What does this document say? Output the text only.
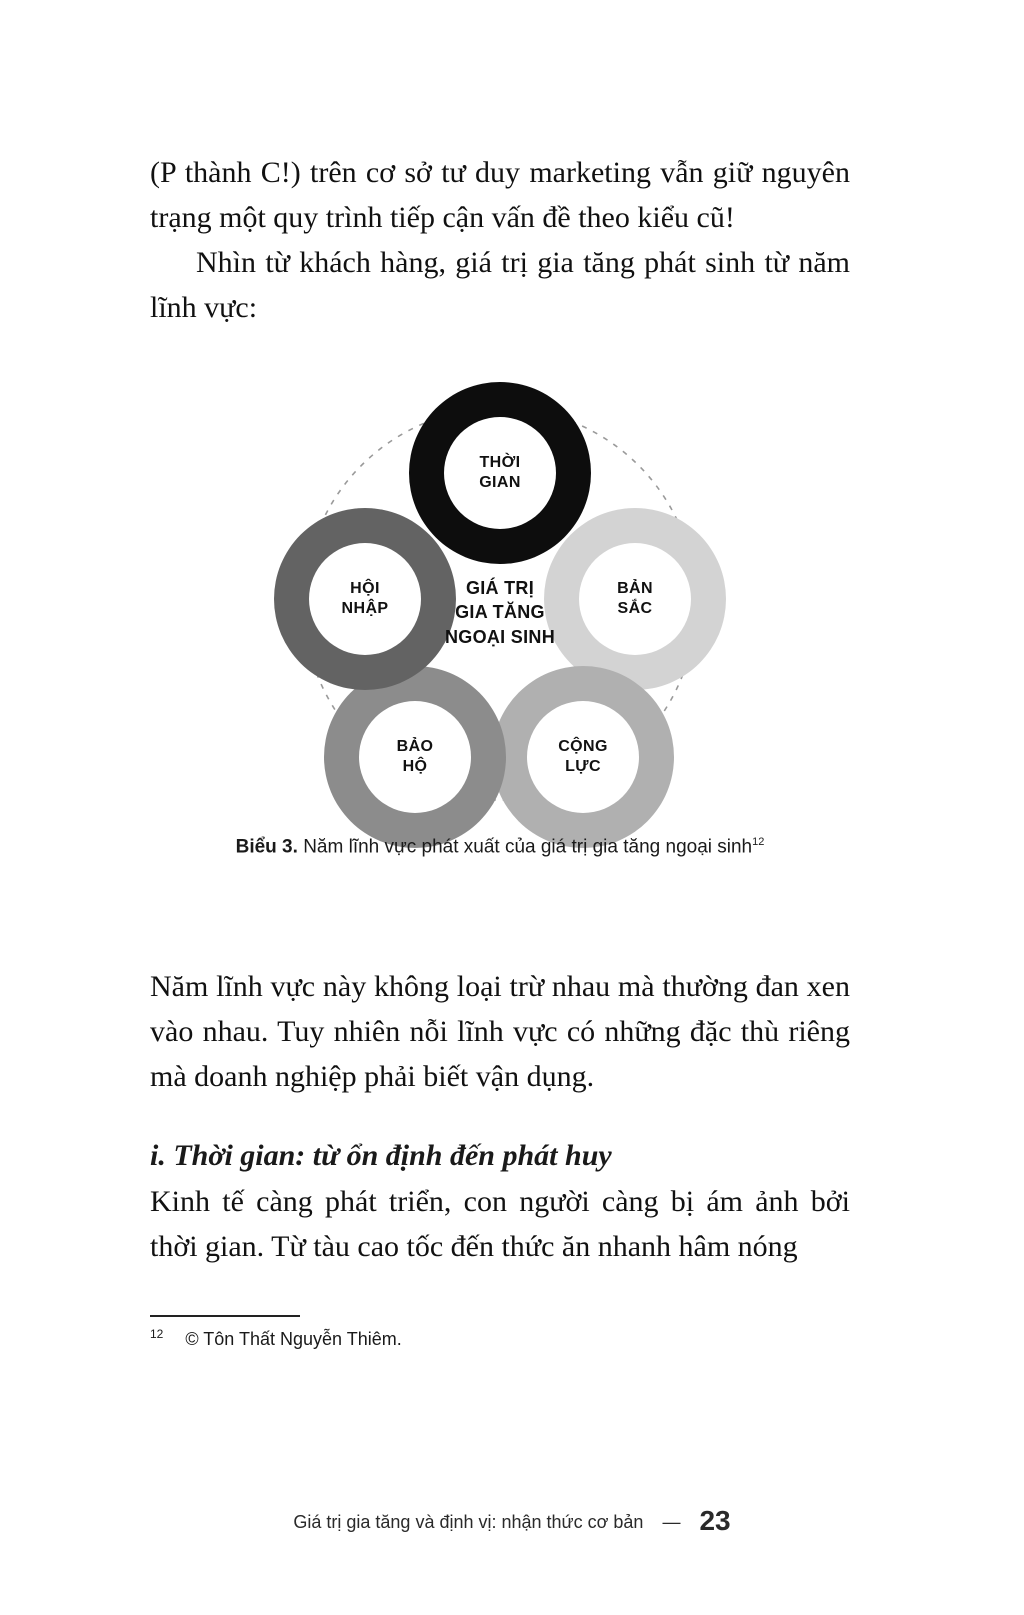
(P thành C!) trên cơ sở tư duy marketing vẫn giữ nguyên trạng một quy trình tiếp cận vấn đề theo kiểu cũ!

Nhìn từ khách hàng, giá trị gia tăng phát sinh từ năm lĩnh vực:

THỜI
GIAN
BẢN
SẮC
CỘNG
LỰC
BẢO
HỘ
HỘI
NHẬP
GIÁ TRỊ
GIA TĂNG
NGOẠI SINH
Biểu 3. Năm lĩnh vực phát xuất của giá trị gia tăng ngoại $\sinh^{12}$

Năm lĩnh vực này không loại trừ nhau mà thường đan xen vào nhau. Tuy nhiên nỗi lĩnh vực có những đặc thù riêng mà doanh nghiệp phải biết vận dụng.

i. Thời gian: từ ổn định đến phát huy

Kinh tế càng phát triển, con người càng bị ám ảnh bởi thời gian. Từ tàu cao tốc đến thức ăn nhanh hâm nóng

$^{12}$ © Tôn Thất Nguyễn Thiêm.
Giá trị gia tăng và định vị: nhận thức cơ bản — 23
